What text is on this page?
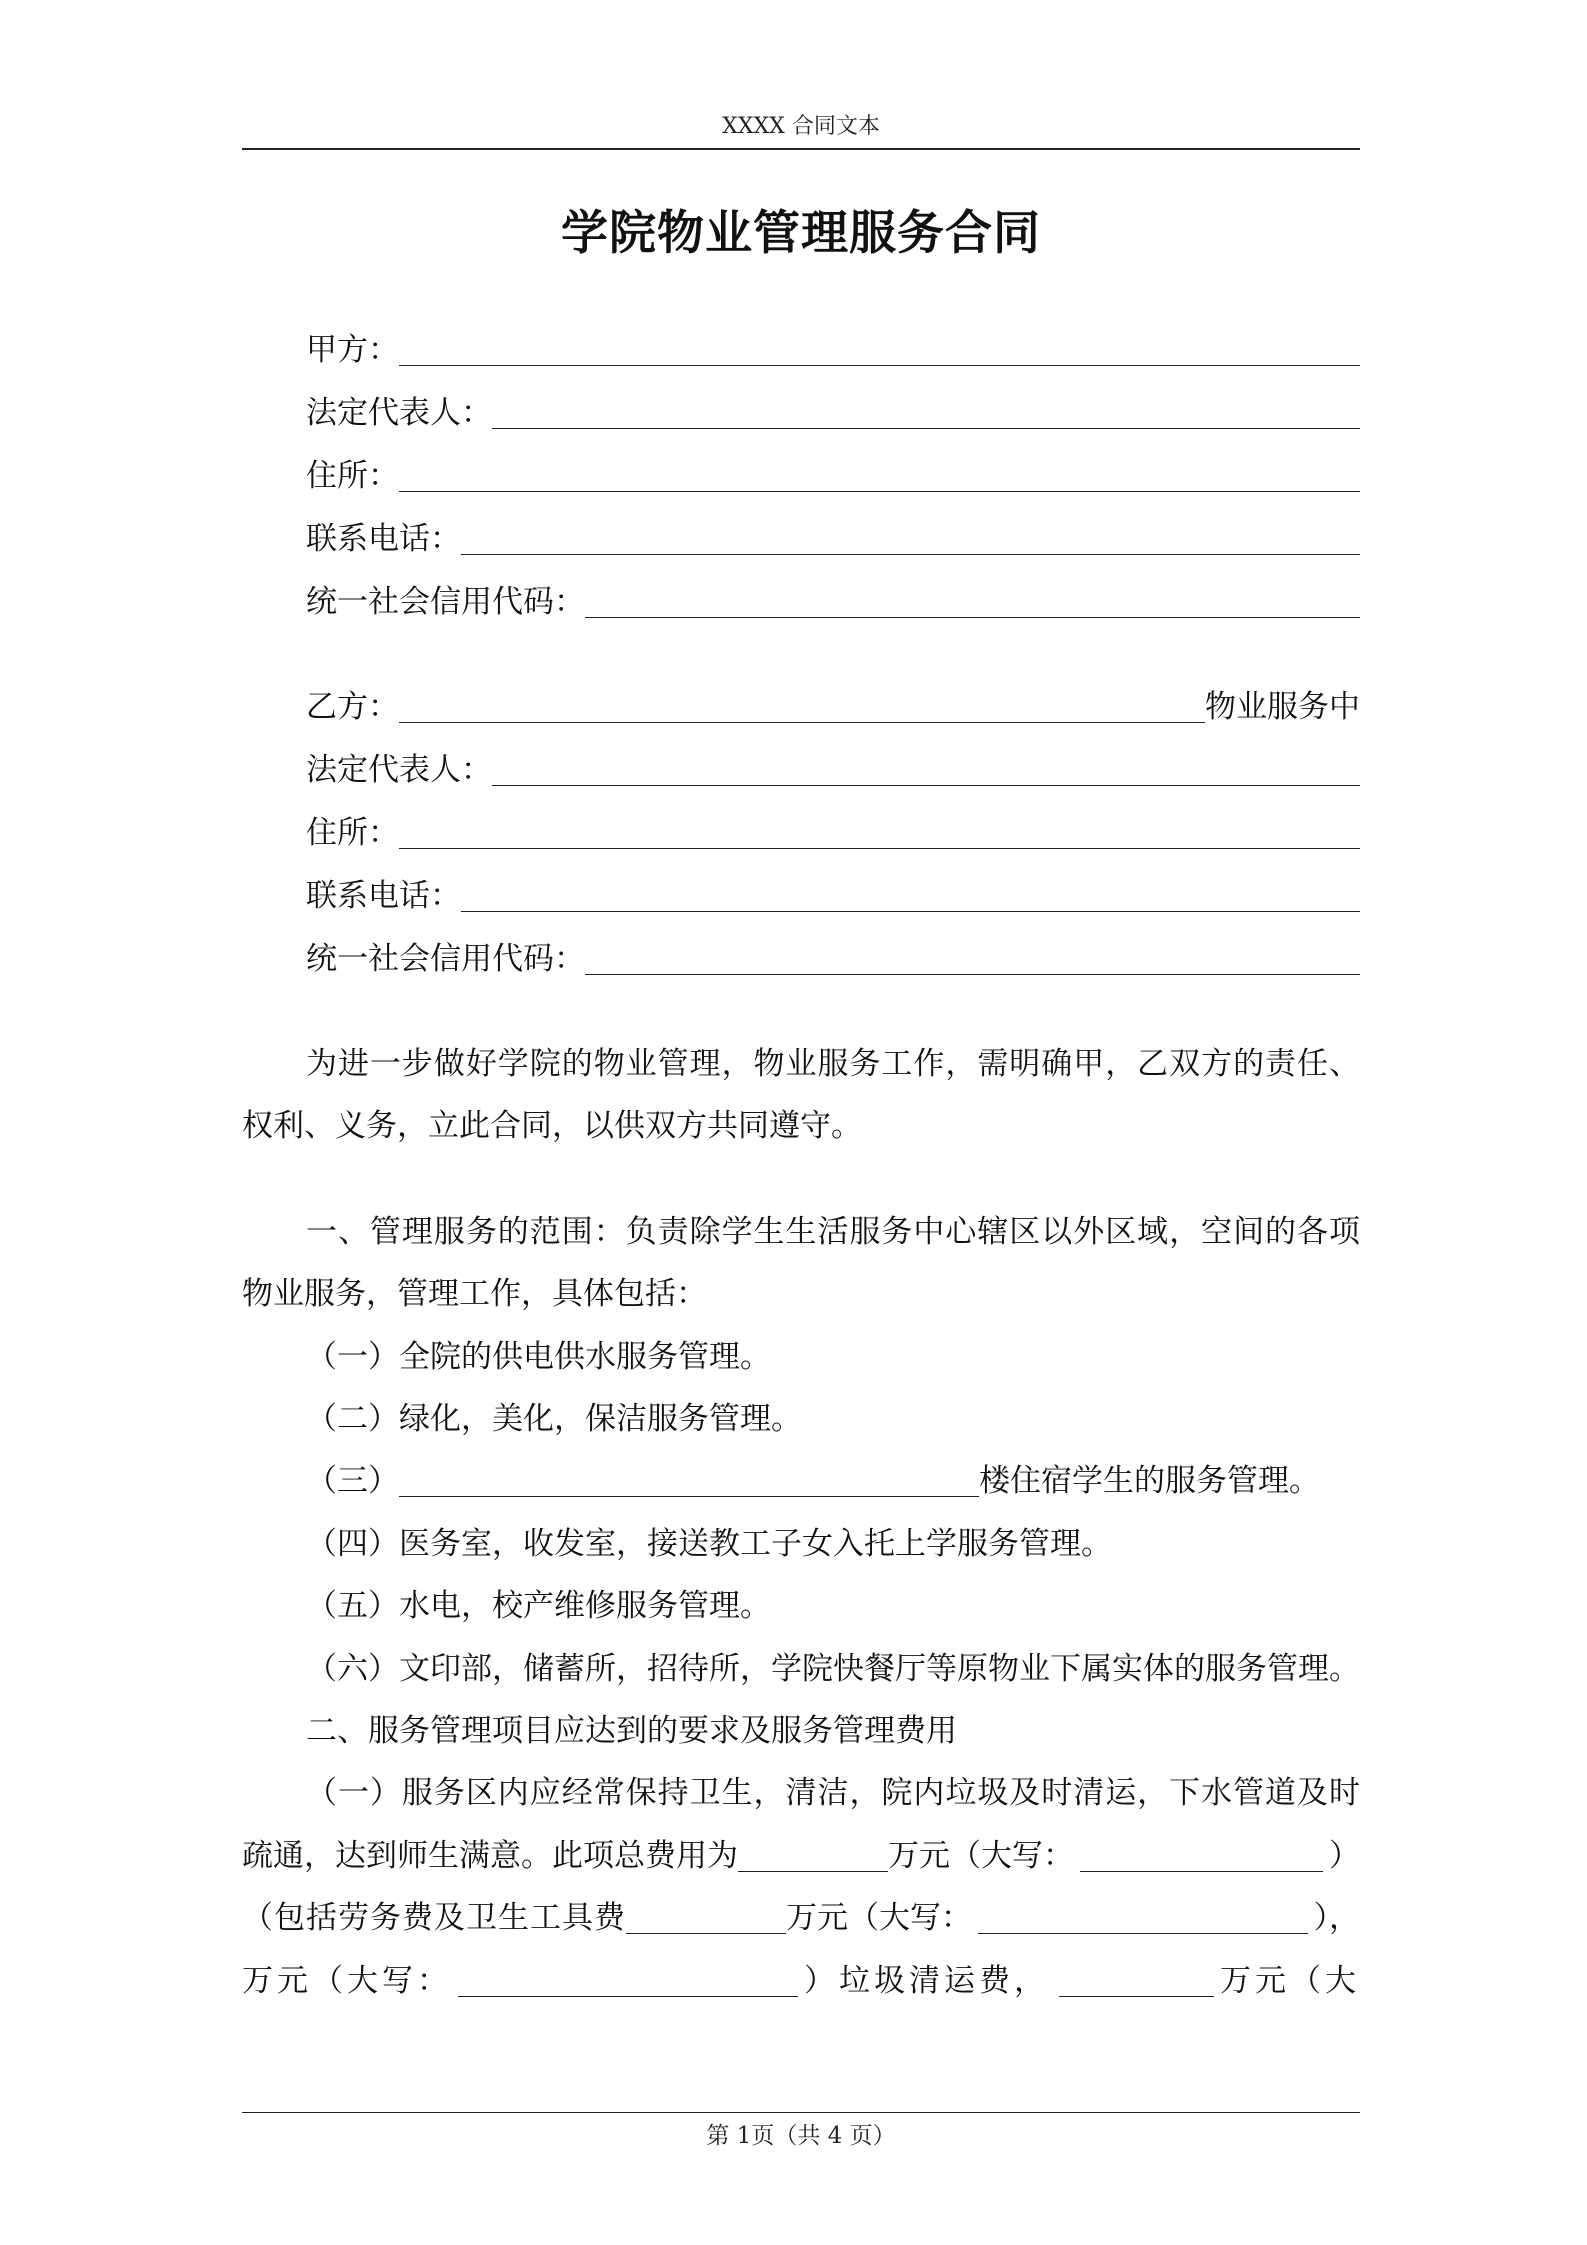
XXXX 合同文本
学院物业管理服务合同
甲方：
法定代表人：
住所：
联系电话：
统一社会信用代码：
乙方：	物业服务中
法定代表人：
住所：
联系电话：
统一社会信用代码：
为进一步做好学院的物业管理，物业服务工作，需明确甲，乙双方的责任、
权利、义务，立此合同，以供双方共同遵守。
一、管理服务的范围：负责除学生生活服务中心辖区以外区域，空间的各项
物业服务，管理工作，具体包括：
（一）全院的供电供水服务管理。
（二）绿化，美化，保洁服务管理。
（三）	楼住宿学生的服务管理。
（四）医务室，收发室，接送教工子女入托上学服务管理。
（五）水电，校产维修服务管理。
（六）文印部，储蓄所，招待所，学院快餐厅等原物业下属实体的服务管理。
二、服务管理项目应达到的要求及服务管理费用
（一）服务区内应经常保持卫生，清洁，院内垃圾及时清运，下水管道及时
疏通，达到师生满意。此项总费用为	万元（大写：	）
（包括劳务费及卫生工具费	万元（大写：	），
万元（大写：	）垃圾清运费，	万元（大
第 1页（共 4 页）
